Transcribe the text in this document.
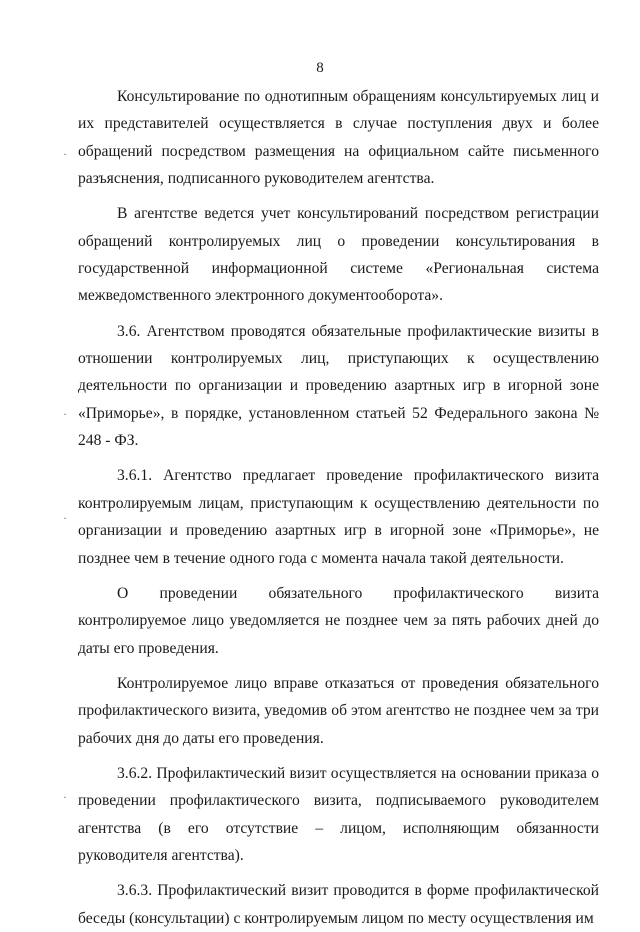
8

Консультирование по однотипным обращениям консультируемых лиц и их представителей осуществляется в случае поступления двух и более обращений посредством размещения на официальном сайте письменного разъяснения, подписанного руководителем агентства.

В агентстве ведется учет консультирований посредством регистрации обращений контролируемых лиц о проведении консультирования в государственной информационной системе «Региональная система межведомственного электронного документооборота».

3.6. Агентством проводятся обязательные профилактические визиты в отношении контролируемых лиц, приступающих к осуществлению деятельности по организации и проведению азартных игр в игорной зоне «Приморье», в порядке, установленном статьей 52 Федерального закона № 248 - ФЗ.

3.6.1. Агентство предлагает проведение профилактического визита контролируемым лицам, приступающим к осуществлению деятельности по организации и проведению азартных игр в игорной зоне «Приморье», не позднее чем в течение одного года с момента начала такой деятельности.

О проведении обязательного профилактического визита контролируемое лицо уведомляется не позднее чем за пять рабочих дней до даты его проведения.

Контролируемое лицо вправе отказаться от проведения обязательного профилактического визита, уведомив об этом агентство не позднее чем за три рабочих дня до даты его проведения.

3.6.2. Профилактический визит осуществляется на основании приказа о проведении профилактического визита, подписываемого руководителем агентства (в его отсутствие – лицом, исполняющим обязанности руководителя агентства).

3.6.3. Профилактический визит проводится в форме профилактической беседы (консультации) с контролируемым лицом по месту осуществления им

·
·
·
·
